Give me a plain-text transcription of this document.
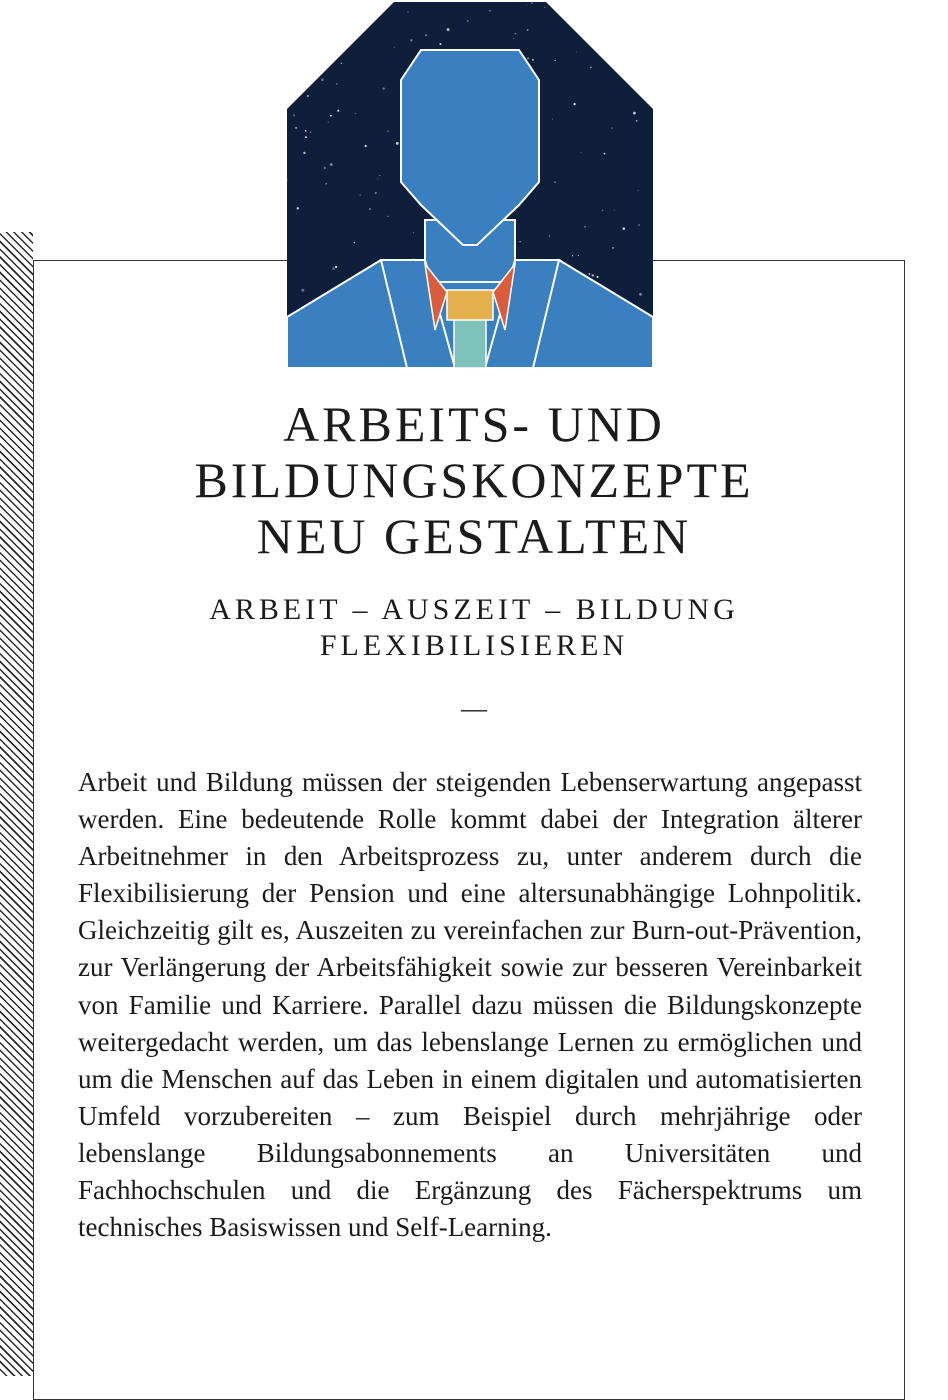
ARBEITS- UND
BILDUNGSKONZEPTE
NEU GESTALTEN
ARBEIT – AUSZEIT – BILDUNG
FLEXIBILISIEREN
—

Arbeit und Bildung müssen der steigenden Lebenserwartung angepasst werden. Eine bedeutende Rolle kommt dabei der Integration älterer Arbeitnehmer in den Arbeitsprozess zu, unter anderem durch die Flexibilisierung der Pension und eine altersunabhängige Lohnpolitik. Gleichzeitig gilt es, Auszeiten zu vereinfachen zur Burn-out-Prävention, zur Verlängerung der Arbeitsfähigkeit sowie zur besseren Vereinbarkeit von Familie und Karriere. Parallel dazu müssen die Bildungskonzepte weitergedacht werden, um das lebenslange Lernen zu ermöglichen und um die Menschen auf das Leben in einem digitalen und automatisierten Umfeld vorzubereiten – zum Beispiel durch mehrjährige oder lebenslange Bildungsabonnements an Universitäten und Fachhochschulen und die Ergänzung des Fächerspektrums um technisches Basiswissen und Self-Learning.
